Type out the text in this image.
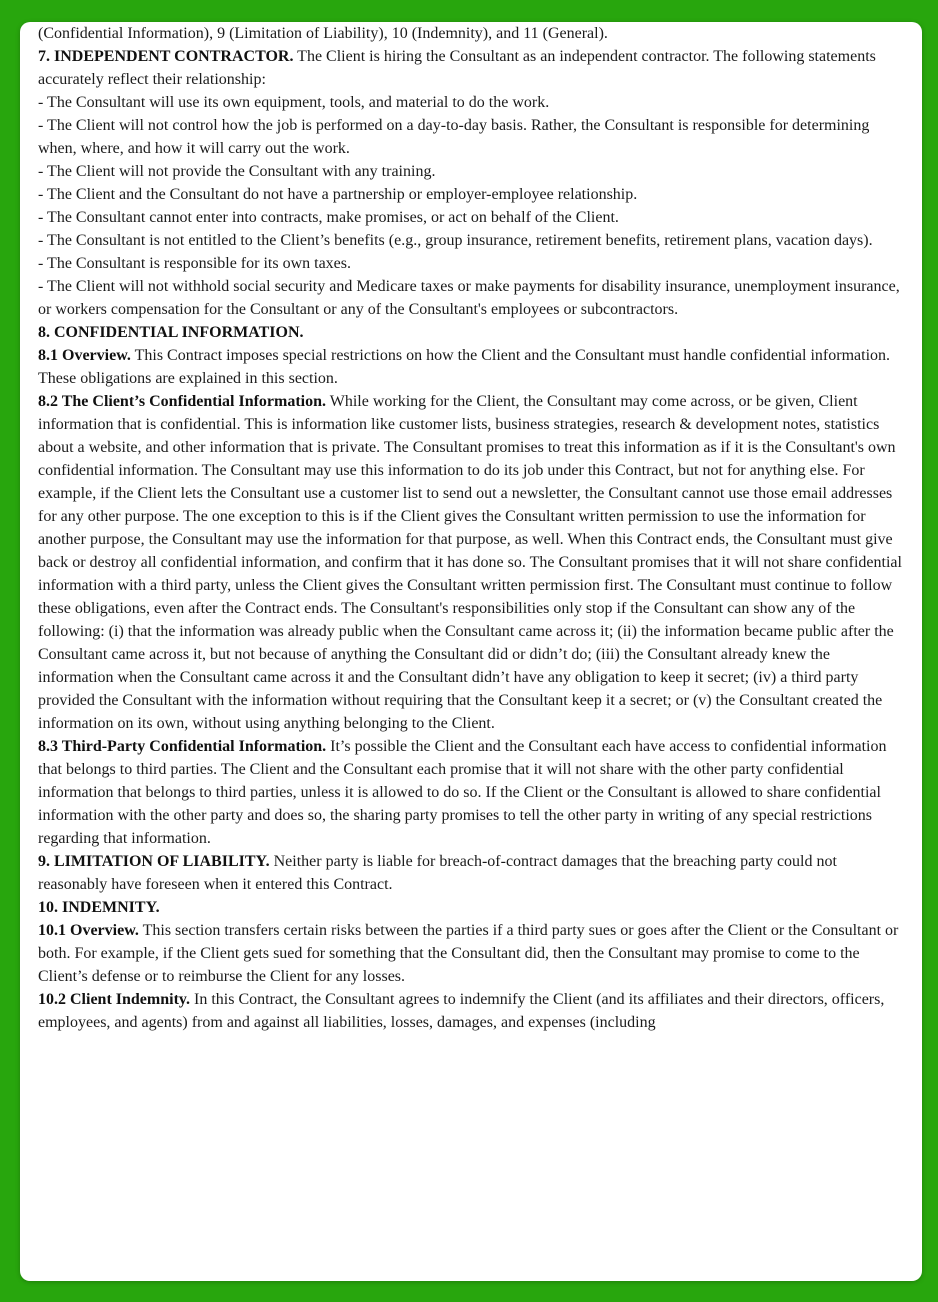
(Confidential Information), 9 (Limitation of Liability), 10 (Indemnity), and 11 (General).

7. INDEPENDENT CONTRACTOR. The Client is hiring the Consultant as an independent contractor. The following statements accurately reflect their relationship:

- The Consultant will use its own equipment, tools, and material to do the work.

- The Client will not control how the job is performed on a day-to-day basis. Rather, the Consultant is responsible for determining when, where, and how it will carry out the work.

- The Client will not provide the Consultant with any training.

- The Client and the Consultant do not have a partnership or employer-employee relationship.

- The Consultant cannot enter into contracts, make promises, or act on behalf of the Client.

- The Consultant is not entitled to the Client’s benefits (e.g., group insurance, retirement benefits, retirement plans, vacation days).

- The Consultant is responsible for its own taxes.

- The Client will not withhold social security and Medicare taxes or make payments for disability insurance, unemployment insurance, or workers compensation for the Consultant or any of the Consultant's employees or subcontractors.

8. CONFIDENTIAL INFORMATION.

8.1 Overview. This Contract imposes special restrictions on how the Client and the Consultant must handle confidential information. These obligations are explained in this section.

8.2 The Client’s Confidential Information. While working for the Client, the Consultant may come across, or be given, Client information that is confidential. This is information like customer lists, business strategies, research & development notes, statistics about a website, and other information that is private. The Consultant promises to treat this information as if it is the Consultant's own confidential information. The Consultant may use this information to do its job under this Contract, but not for anything else. For example, if the Client lets the Consultant use a customer list to send out a newsletter, the Consultant cannot use those email addresses for any other purpose. The one exception to this is if the Client gives the Consultant written permission to use the information for another purpose, the Consultant may use the information for that purpose, as well. When this Contract ends, the Consultant must give back or destroy all confidential information, and confirm that it has done so. The Consultant promises that it will not share confidential information with a third party, unless the Client gives the Consultant written permission first. The Consultant must continue to follow these obligations, even after the Contract ends. The Consultant's responsibilities only stop if the Consultant can show any of the following: (i) that the information was already public when the Consultant came across it; (ii) the information became public after the Consultant came across it, but not because of anything the Consultant did or didn’t do; (iii) the Consultant already knew the information when the Consultant came across it and the Consultant didn’t have any obligation to keep it secret; (iv) a third party provided the Consultant with the information without requiring that the Consultant keep it a secret; or (v) the Consultant created the information on its own, without using anything belonging to the Client.

8.3 Third-Party Confidential Information. It’s possible the Client and the Consultant each have access to confidential information that belongs to third parties. The Client and the Consultant each promise that it will not share with the other party confidential information that belongs to third parties, unless it is allowed to do so. If the Client or the Consultant is allowed to share confidential information with the other party and does so, the sharing party promises to tell the other party in writing of any special restrictions regarding that information.

9. LIMITATION OF LIABILITY. Neither party is liable for breach-of-contract damages that the breaching party could not reasonably have foreseen when it entered this Contract.

10. INDEMNITY.

10.1 Overview. This section transfers certain risks between the parties if a third party sues or goes after the Client or the Consultant or both. For example, if the Client gets sued for something that the Consultant did, then the Consultant may promise to come to the Client’s defense or to reimburse the Client for any losses.

10.2 Client Indemnity. In this Contract, the Consultant agrees to indemnify the Client (and its affiliates and their directors, officers, employees, and agents) from and against all liabilities, losses, damages, and expenses (including
